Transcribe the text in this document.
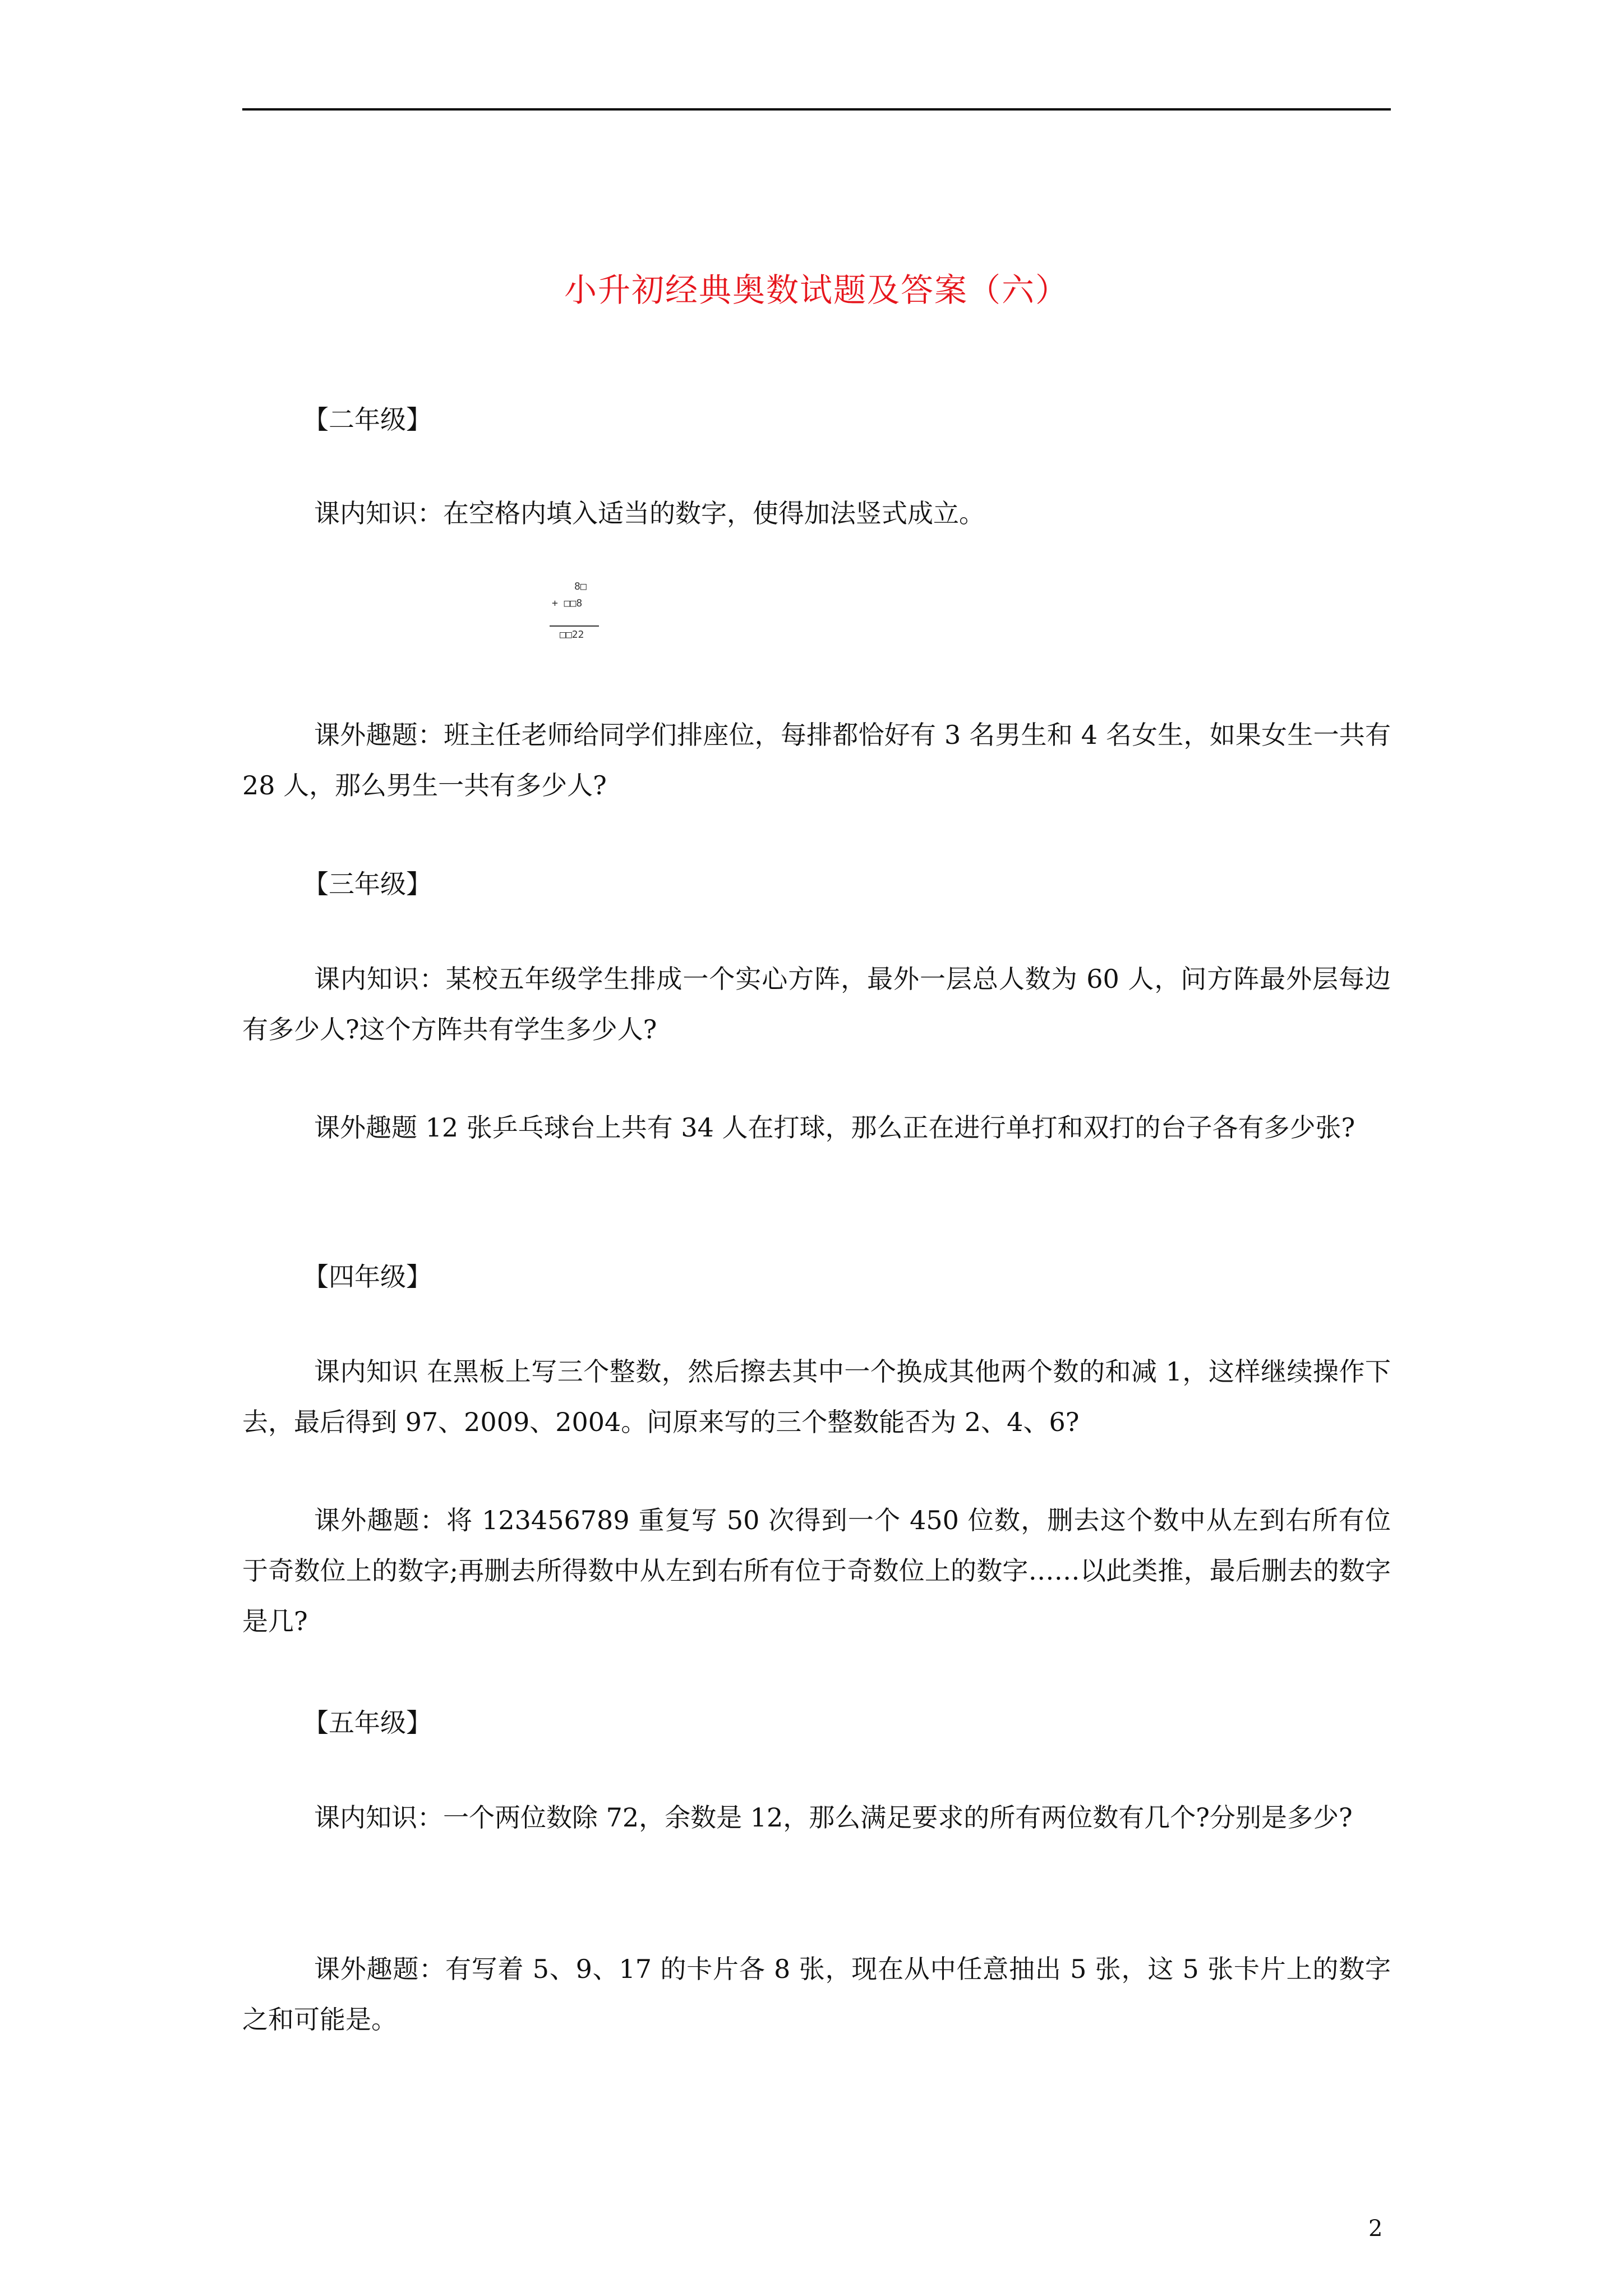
小升初经典奥数试题及答案（六）
【二年级】
课内知识：在空格内填入适当的数字，使得加法竖式成立。
8□
+ □□8
□□22
课外趣题：班主任老师给同学们排座位，每排都恰好有 3 名男生和 4 名女生，如果女生一共有 28 人，那么男生一共有多少人?
【三年级】
课内知识：某校五年级学生排成一个实心方阵，最外一层总人数为 60 人，问方阵最外层每边有多少人?这个方阵共有学生多少人?
课外趣题 12 张乒乓球台上共有 34 人在打球，那么正在进行单打和双打的台子各有多少张?
【四年级】
课内知识 在黑板上写三个整数，然后擦去其中一个换成其他两个数的和减 1，这样继续操作下去，最后得到 97、2009、2004。问原来写的三个整数能否为 2、4、6?
课外趣题：将 123456789 重复写 50 次得到一个 450 位数，删去这个数中从左到右所有位于奇数位上的数字;再删去所得数中从左到右所有位于奇数位上的数字……以此类推，最后删去的数字是几?
【五年级】
课内知识：一个两位数除 72，余数是 12，那么满足要求的所有两位数有几个?分别是多少?
课外趣题：有写着 5、9、17 的卡片各 8 张，现在从中任意抽出 5 张，这 5 张卡片上的数字之和可能是。
2
